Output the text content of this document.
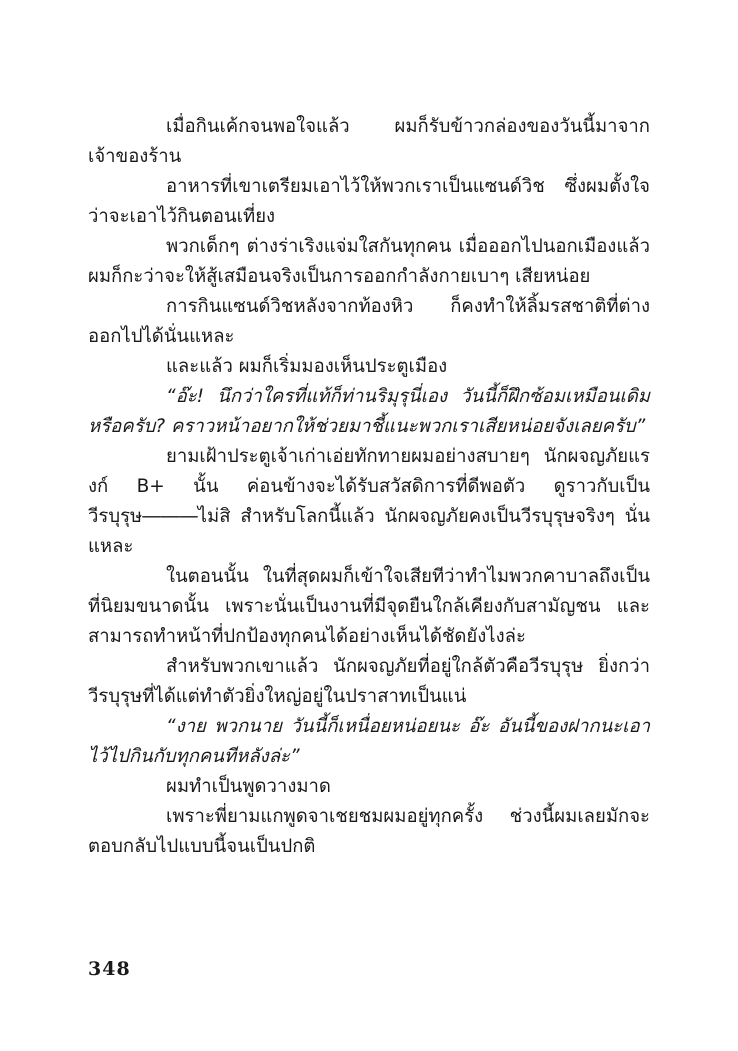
เมื่อกินเค้กจนพอใจแล้ว ผมก็รับข้าวกล่องของวันนี้มาจากเจ้าของร้าน

อาหารที่เขาเตรียมเอาไว้ให้พวกเราเป็นแซนด์วิช ซึ่งผมตั้งใจว่าจะเอาไว้กินตอนเที่ยง

พวกเด็กๆ ต่างร่าเริงแจ่มใสกันทุกคน เมื่อออกไปนอกเมืองแล้ว ผมก็กะว่าจะให้สู้เสมือนจริงเป็นการออกกำลังกายเบาๆ เสียหน่อย

การกินแซนด์วิชหลังจากท้องหิว ก็คงทำให้ลิ้มรสชาติที่ต่างออกไปได้นั่นแหละ

และแล้ว ผมก็เริ่มมองเห็นประตูเมือง

“อ๊ะ! นึกว่าใครที่แท้ก็ท่านริมุรุนี่เอง วันนี้ก็ฝึกซ้อมเหมือนเดิมหรือครับ? คราวหน้าอยากให้ช่วยมาชี้แนะพวกเราเสียหน่อยจังเลยครับ”

ยามเฝ้าประตูเจ้าเก่าเอ่ยทักทายผมอย่างสบายๆ นักผจญภัยแรงก์ B+ นั้น ค่อนข้างจะได้รับสวัสดิการที่ดีพอตัว ดูราวกับเป็นวีรบุรุษ―――ไม่สิ สำหรับโลกนี้แล้ว นักผจญภัยคงเป็นวีรบุรุษจริงๆ นั่นแหละ

ในตอนนั้น ในที่สุดผมก็เข้าใจเสียทีว่าทำไมพวกคาบาลถึงเป็นที่นิยมขนาดนั้น เพราะนั่นเป็นงานที่มีจุดยืนใกล้เคียงกับสามัญชน และสามารถทำหน้าที่ปกป้องทุกคนได้อย่างเห็นได้ชัดยังไงล่ะ

สำหรับพวกเขาแล้ว นักผจญภัยที่อยู่ใกล้ตัวคือวีรบุรุษ ยิ่งกว่าวีรบุรุษที่ได้แต่ทำตัวยิ่งใหญ่อยู่ในปราสาทเป็นแน่

“งาย พวกนาย วันนี้ก็เหนื่อยหน่อยนะ อ๊ะ อันนี้ของฝากนะเอาไว้ไปกินกับทุกคนทีหลังล่ะ”

ผมทำเป็นพูดวางมาด

เพราะพี่ยามแกพูดจาเชยชมผมอยู่ทุกครั้ง ช่วงนี้ผมเลยมักจะตอบกลับไปแบบนี้จนเป็นปกติ

348
